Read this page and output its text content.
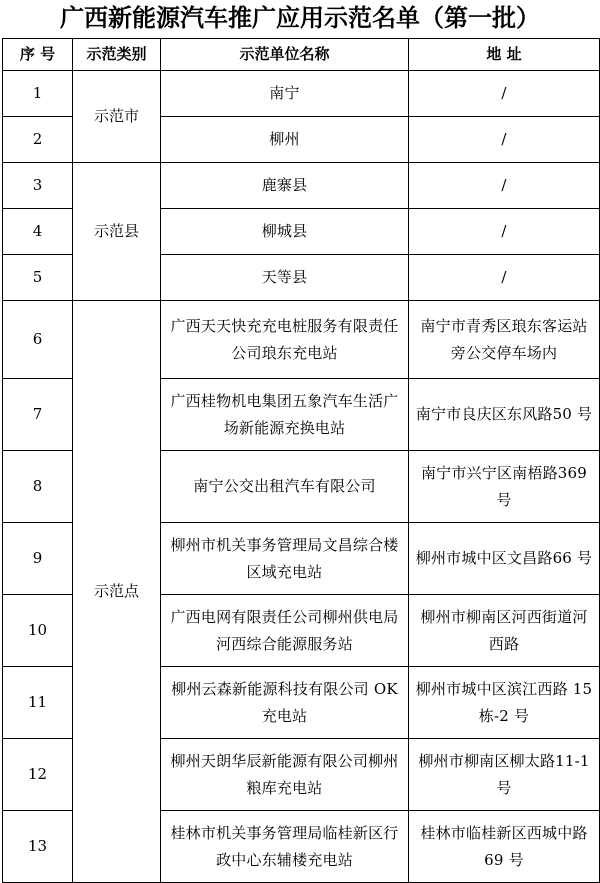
广西新能源汽车推广应用示范名单（第一批）
序 号	示范类别	示范单位名称	地 址
1	示范市	南宁	/
2		柳州	/
3	示范县	鹿寨县	/
4		柳城县	/
5		天等县	/
6	示范点	广西天天快充充电桩服务有限责任公司琅东充电站	南宁市青秀区琅东客运站旁公交停车场内
7		广西桂物机电集团五象汽车生活广场新能源充换电站	南宁市良庆区东风路50 号
8		南宁公交出租汽车有限公司	南宁市兴宁区南梧路369 号
9		柳州市机关事务管理局文昌综合楼区域充电站	柳州市城中区文昌路66 号
10		广西电网有限责任公司柳州供电局河西综合能源服务站	柳州市柳南区河西街道河西路
11		柳州云森新能源科技有限公司 OK 充电站	柳州市城中区滨江西路 15 栋-2 号
12		柳州天朗华辰新能源有限公司柳州粮库充电站	柳州市柳南区柳太路11-1 号
13		桂林市机关事务管理局临桂新区行政中心东辅楼充电站	桂林市临桂新区西城中路 69 号
